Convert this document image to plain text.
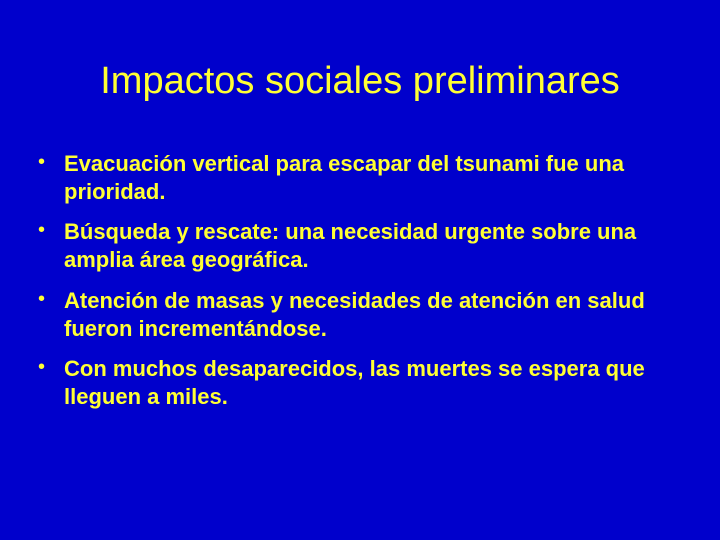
Impactos sociales preliminares
• Evacuación vertical para escapar del tsunami fue una prioridad.
• Búsqueda y rescate: una necesidad urgente sobre una amplia área geográfica.
• Atención de masas y necesidades de atención en salud fueron incrementándose.
• Con muchos desaparecidos, las muertes se espera que lleguen a miles.
